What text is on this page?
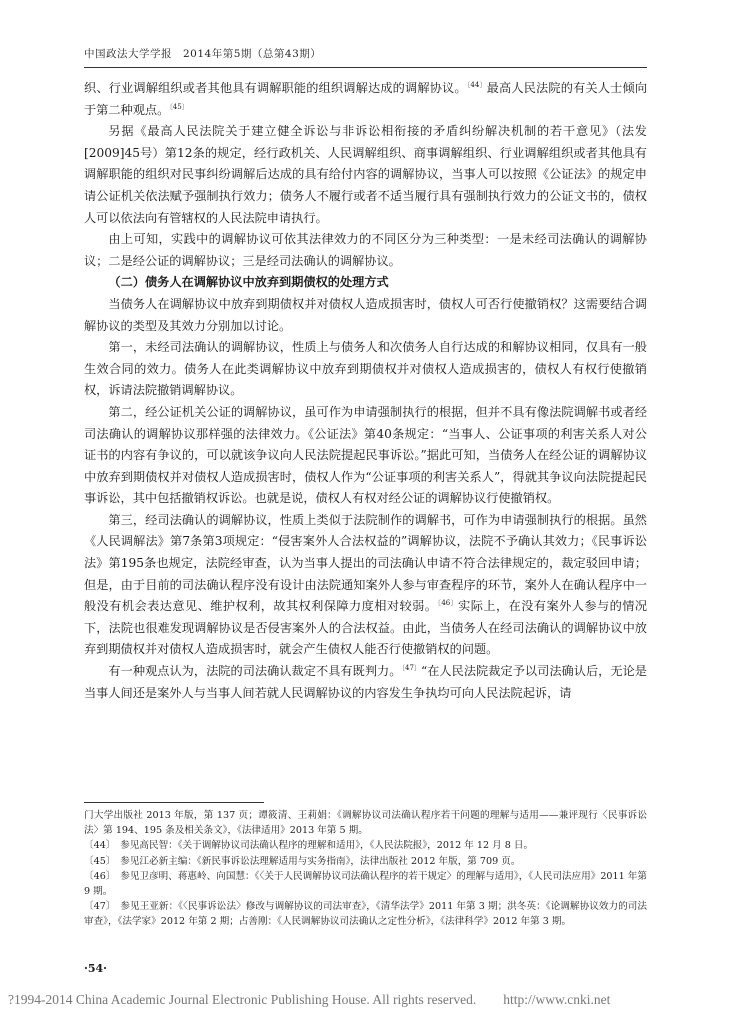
中国政法大学学报　2014年第5期（总第43期）

织、行业调解组织或者其他具有调解职能的组织调解达成的调解协议。$^{〔44〕}$最高人民法院的有关人士倾向于第二种观点。$^{〔45〕}$

另据《最高人民法院关于建立健全诉讼与非诉讼相衔接的矛盾纠纷解决机制的若干意见》（法发[2009]45号）第12条的规定，经行政机关、人民调解组织、商事调解组织、行业调解组织或者其他具有调解职能的组织对民事纠纷调解后达成的具有给付内容的调解协议，当事人可以按照《公证法》的规定申请公证机关依法赋予强制执行效力；债务人不履行或者不适当履行具有强制执行效力的公证文书的，债权人可以依法向有管辖权的人民法院申请执行。

由上可知，实践中的调解协议可依其法律效力的不同区分为三种类型：一是未经司法确认的调解协议；二是经公证的调解协议；三是经司法确认的调解协议。

（二）债务人在调解协议中放弃到期债权的处理方式

当债务人在调解协议中放弃到期债权并对债权人造成损害时，债权人可否行使撤销权？这需要结合调解协议的类型及其效力分别加以讨论。

第一，未经司法确认的调解协议，性质上与债务人和次债务人自行达成的和解协议相同，仅具有一般生效合同的效力。债务人在此类调解协议中放弃到期债权并对债权人造成损害的，债权人有权行使撤销权，诉请法院撤销调解协议。

第二，经公证机关公证的调解协议，虽可作为申请强制执行的根据，但并不具有像法院调解书或者经司法确认的调解协议那样强的法律效力。《公证法》第40条规定：“当事人、公证事项的利害关系人对公证书的内容有争议的，可以就该争议向人民法院提起民事诉讼。”据此可知，当债务人在经公证的调解协议中放弃到期债权并对债权人造成损害时，债权人作为“公证事项的利害关系人”，得就其争议向法院提起民事诉讼，其中包括撤销权诉讼。也就是说，债权人有权对经公证的调解协议行使撤销权。

第三，经司法确认的调解协议，性质上类似于法院制作的调解书，可作为申请强制执行的根据。虽然《人民调解法》第7条第3项规定：“侵害案外人合法权益的”调解协议，法院不予确认其效力；《民事诉讼法》第195条也规定，法院经审查，认为当事人提出的司法确认申请不符合法律规定的，裁定驳回申请；但是，由于目前的司法确认程序没有设计由法院通知案外人参与审查程序的环节，案外人在确认程序中一般没有机会表达意见、维护权利，故其权利保障力度相对较弱。$^{〔46〕}$实际上，在没有案外人参与的情况下，法院也很难发现调解协议是否侵害案外人的合法权益。由此，当债务人在经司法确认的调解协议中放弃到期债权并对债权人造成损害时，就会产生债权人能否行使撤销权的问题。

有一种观点认为，法院的司法确认裁定不具有既判力。$^{〔47〕}$“在人民法院裁定予以司法确认后，无论是当事人间还是案外人与当事人间若就人民调解协议的内容发生争执均可向人民法院起诉，请

门大学出版社 2013 年版，第 137 页；谭筱清、王莉娟：《调解协议司法确认程序若干问题的理解与适用——兼评现行〈民事诉讼法〉第 194、195 条及相关条文》，《法律适用》2013 年第 5 期。

〔44〕　参见高民智：《关于调解协议司法确认程序的理解和适用》，《人民法院报》，2012 年 12 月 8 日。

〔45〕　参见江必新主编：《新民事诉讼法理解适用与实务指南》，法律出版社 2012 年版，第 709 页。

〔46〕　参见卫彦明、蒋惠岭、向国慧：《〈关于人民调解协议司法确认程序的若干规定〉的理解与适用》，《人民司法应用》2011 年第 9 期。

〔47〕　参见王亚新：《〈民事诉讼法〉修改与调解协议的司法审查》，《清华法学》2011 年第 3 期；洪冬英：《论调解协议效力的司法审查》，《法学家》2012 年第 2 期；占善刚：《人民调解协议司法确认之定性分析》，《法律科学》2012 年第 3 期。

·54·
?1994-2014 China Academic Journal Electronic Publishing House. All rights reserved.　　http://www.cnki.net
